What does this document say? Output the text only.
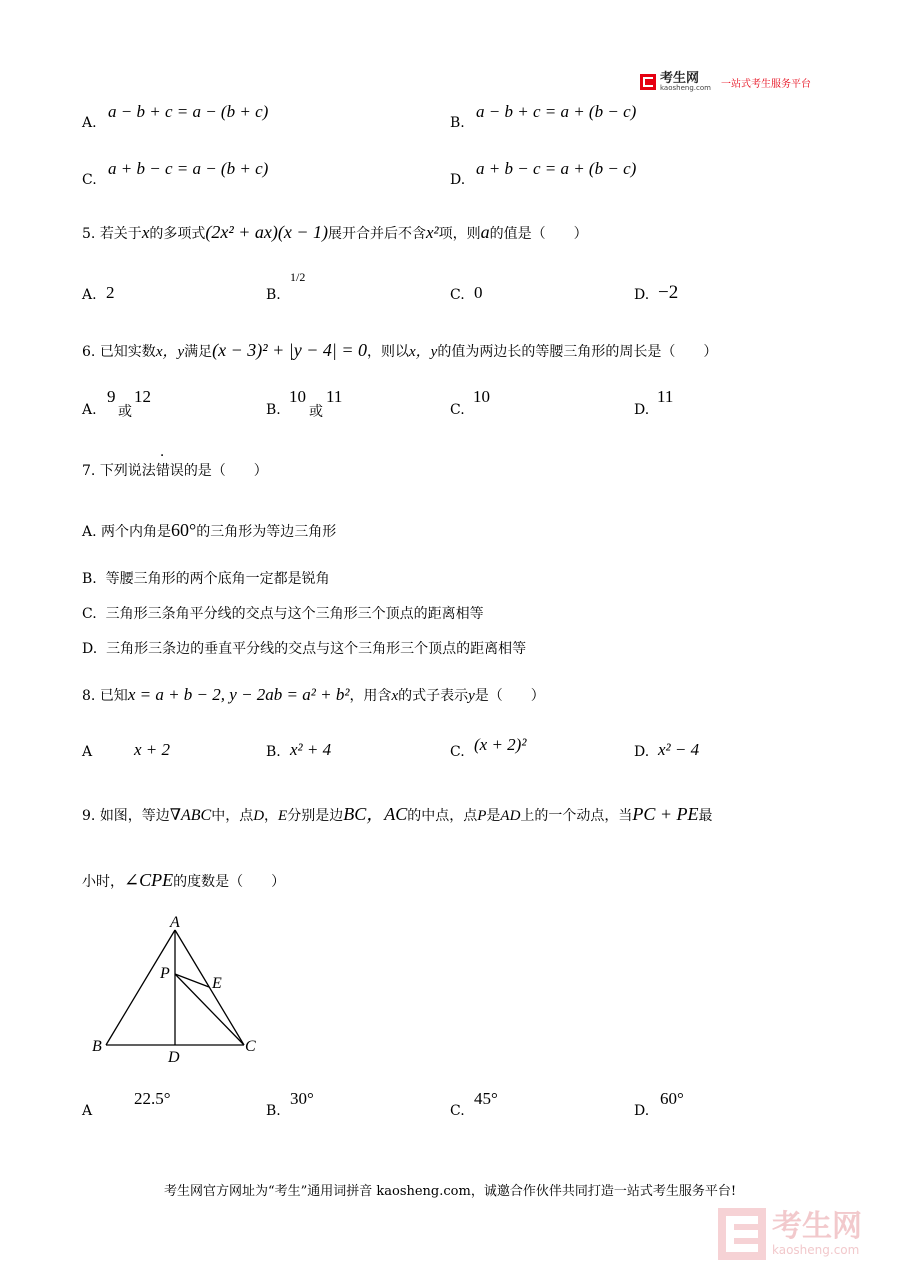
考生网
kaosheng.com 一站式考生服务平台
A.
a − b + c = a − (b + c)
B.
a − b + c = a + (b − c)
C.
a + b − c = a − (b + c)
D.
a + b − c = a + (b − c)
5.
若关于 x 的多项式 (2x² + ax)(x − 1) 展开合并后不含 x² 项，则 a 的值是（　　）
A. 2	B.
1/2
C. 0	D. −2
6.
已知实数 x，y 满足 (x − 3)² + |y − 4| = 0 ，则以 x，y 的值为两边长的等腰三角形的周长是（　　）
A.
9
或
12
B.
10
或
11
C.
10
D.
11
7.
下列说法
· 错误 的是（　　）
A.
两个内角是 60° 的三角形为等边三角形
B. 等腰三角形的两个底角一定都是锐角
C. 三角形三条角平分线的交点与这个三角形三个顶点的距离相等
D. 三角形三条边的垂直平分线的交点与这个三角形三个顶点的距离相等
8.
已知 x = a + b − 2, y − 2ab = a² + b² ，用含 x 的式子表示 y 是（　　）
A x + 2	B. x² + 4	C. (x + 2)²	D. x² − 4
9.
如图，等边 ∇ABC 中，点 D ， E 分别是边 BC，AC 的中点，点 P 是 AD 上的一个动点，当 PC + PE 最
小时， ∠CPE 的度数是（　　）
A
B	C
D
E
P
A
22.5°
B.
30°
C.
45°
D.
60°
考生网官方网址为“考生”通用词拼音 kaosheng.com，诚邀合作伙伴共同打造一站式考生服务平台!
考生网
kaosheng.com
